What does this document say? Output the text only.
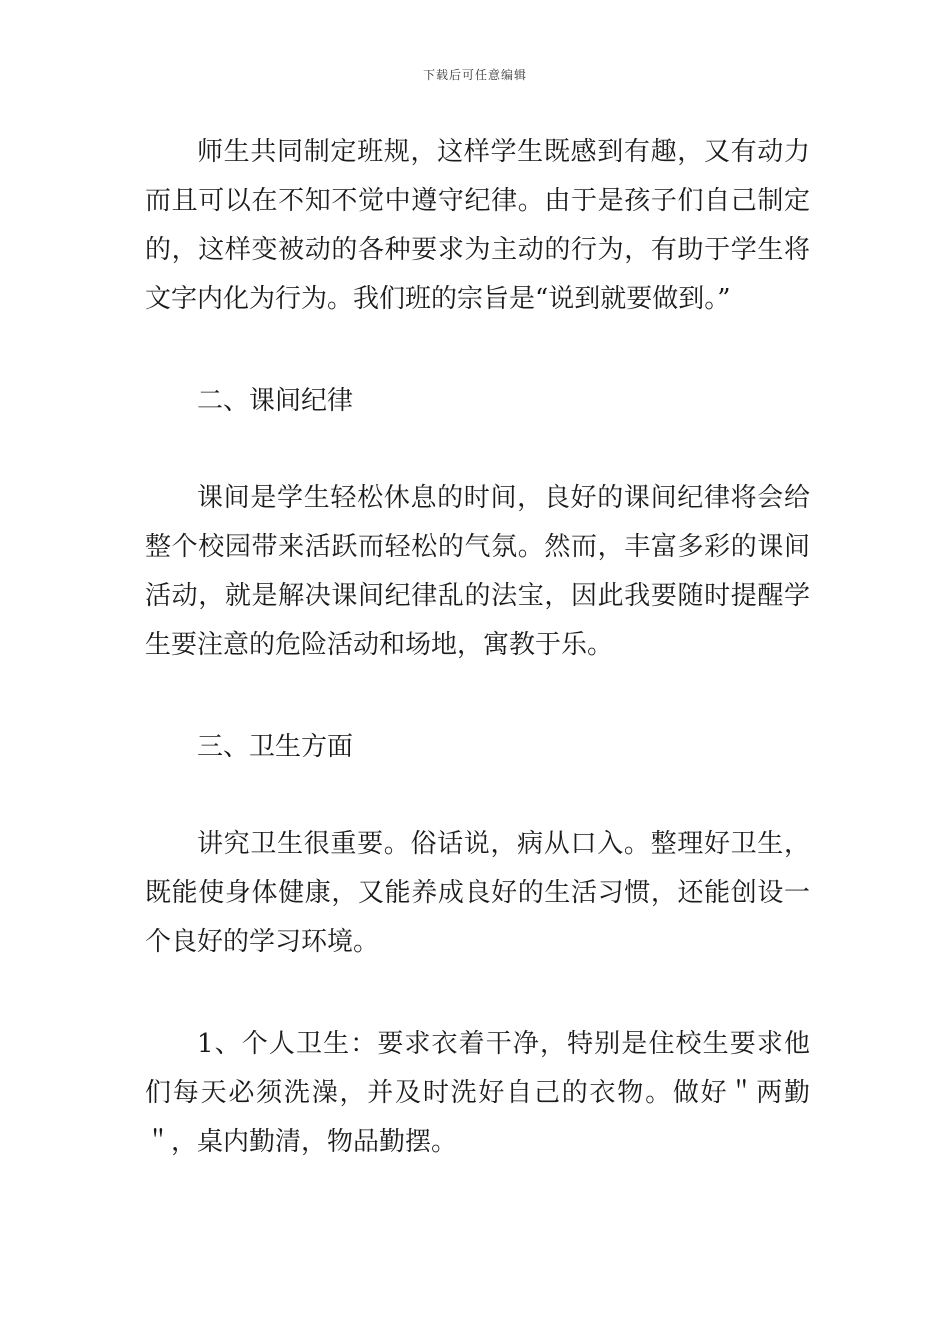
下载后可任意编辑

师生共同制定班规，这样学生既感到有趣，又有动力而且可以在不知不觉中遵守纪律。由于是孩子们自己制定的，这样变被动的各种要求为主动的行为，有助于学生将文字内化为行为。我们班的宗旨是“说到就要做到。”

二、课间纪律

课间是学生轻松休息的时间，良好的课间纪律将会给整个校园带来活跃而轻松的气氛。然而，丰富多彩的课间活动，就是解决课间纪律乱的法宝，因此我要随时提醒学生要注意的危险活动和场地，寓教于乐。

三、卫生方面

讲究卫生很重要。俗话说，病从口入。整理好卫生，既能使身体健康，又能养成良好的生活习惯，还能创设一个良好的学习环境。

1、个人卫生：要求衣着干净，特别是住校生要求他们每天必须洗澡，并及时洗好自己的衣物。做好＂两勤＂，桌内勤清，物品勤摆。
